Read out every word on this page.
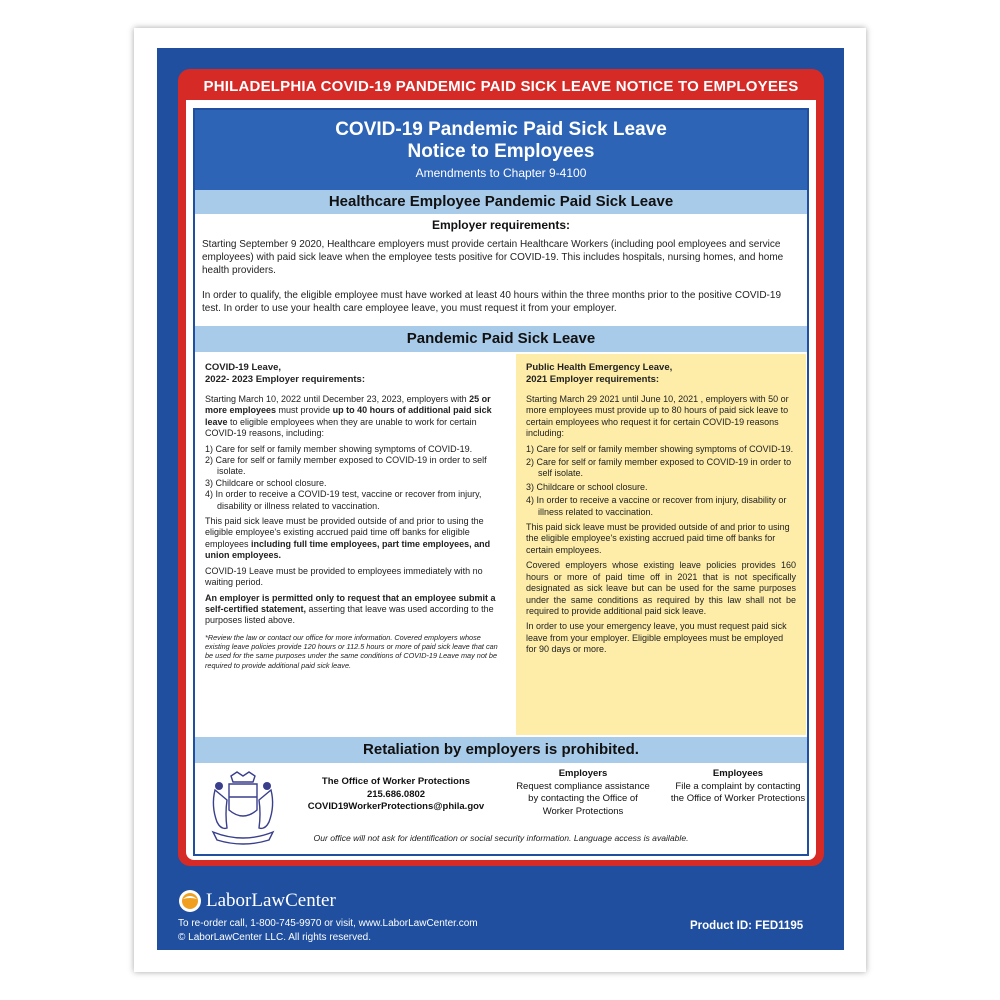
PHILADELPHIA COVID-19 PANDEMIC PAID SICK LEAVE NOTICE TO EMPLOYEES
COVID-19 Pandemic Paid Sick Leave
Notice to Employees
Amendments to Chapter 9-4100
Healthcare Employee Pandemic Paid Sick Leave
Employer requirements:
Starting September 9 2020, Healthcare employers must provide certain Healthcare Workers (including pool employees and service employees) with paid sick leave when the employee tests positive for COVID-19. This includes hospitals, nursing homes, and home health providers.
In order to qualify, the eligible employee must have worked at least 40 hours within the three months prior to the positive COVID-19 test. In order to use your health care employee leave, you must request it from your employer.
Pandemic Paid Sick Leave
COVID-19 Leave,
2022- 2023 Employer requirements:
Starting March 10, 2022 until December 23, 2023, employers with 25 or more employees must provide up to 40 hours of additional paid sick leave to eligible employees when they are unable to work for certain COVID-19 reasons, including:
1) Care for self or family member showing symptoms of COVID-19.
2) Care for self or family member exposed to COVID-19 in order to self isolate.
3) Childcare or school closure.
4) In order to receive a COVID-19 test, vaccine or recover from injury, disability or illness related to vaccination.
This paid sick leave must be provided outside of and prior to using the eligible employee's existing accrued paid time off banks for eligible employees including full time employees, part time employees, and union employees.
COVID-19 Leave must be provided to employees immediately with no waiting period.
An employer is permitted only to request that an employee submit a self-certified statement, asserting that leave was used according to the purposes listed above.
*Review the law or contact our office for more information. Covered employers whose existing leave policies provide 120 hours or 112.5 hours or more of paid sick leave that can be used for the same purposes under the same conditions of COVID-19 Leave may not be required to provide additional paid sick leave.
Public Health Emergency Leave,
2021 Employer requirements:
Starting March 29 2021 until June 10, 2021 , employers with 50 or more employees must provide up to 80 hours of paid sick leave to certain employees who request it for certain COVID-19 reasons including:
1) Care for self or family member showing symptoms of COVID-19.
2) Care for self or family member exposed to COVID-19 in order to self isolate.
3) Childcare or school closure.
4) In order to receive a vaccine or recover from injury, disability or illness related to vaccination.
This paid sick leave must be provided outside of and prior to using the eligible employee's existing accrued paid time off banks for certain employees.
Covered employers whose existing leave policies provides 160 hours or more of paid time off in 2021 that is not specifically designated as sick leave but can be used for the same purposes under the same conditions as required by this law shall not be required to provide additional paid sick leave.
In order to use your emergency leave, you must request paid sick leave from your employer. Eligible employees must be employed for 90 days or more.
Retaliation by employers is prohibited.
The Office of Worker Protections
215.686.0802
COVID19WorkerProtections@phila.gov
Employers
Request compliance assistance by contacting the Office of Worker Protections
Employees
File a complaint by contacting the Office of Worker Protections
Our office will not ask for identification or social security information. Language access is available.
LaborLawCenter
To re-order call, 1-800-745-9970 or visit, www.LaborLawCenter.com
© LaborLawCenter LLC. All rights reserved.
Product ID: FED1195
